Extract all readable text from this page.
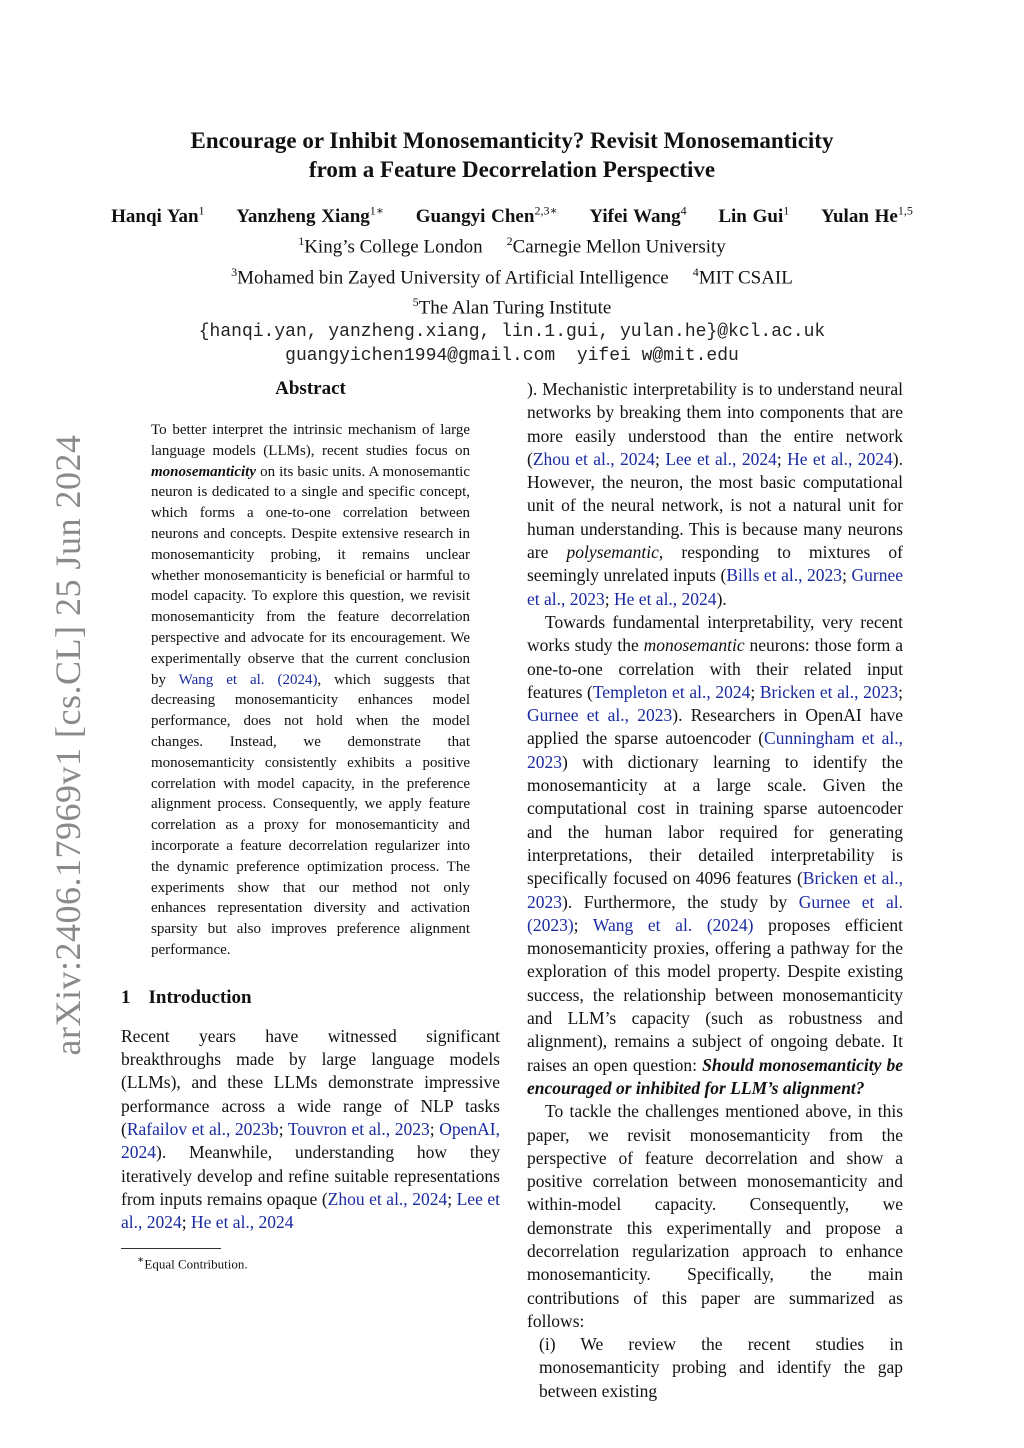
arXiv:2406.17969v1 [cs.CL] 25 Jun 2024
Encourage or Inhibit Monosemanticity? Revisit Monosemanticity
from a Feature Decorrelation Perspective
Hanqi Yan$^1$ Yanzheng Xiang$^{1∗}$ Guangyi Chen$^{2,3∗}$ Yifei Wang$^4$ Lin Gui$^1$ Yulan He$^{1,5}$
$^1$King’s College London $^2$Carnegie Mellon University
$^3$Mohamed bin Zayed University of Artificial Intelligence $^4$MIT CSAIL
$^5$The Alan Turing Institute
{hanqi.yan, yanzheng.xiang, lin.1.gui, yulan.he}@kcl.ac.uk
guangyichen1994@gmail.com yifei w@mit.edu
Abstract
To better interpret the intrinsic mechanism of large language models (LLMs), recent studies focus on monosemanticity on its basic units. A monosemantic neuron is dedicated to a single and specific concept, which forms a one-to-one correlation between neurons and concepts. Despite extensive research in monosemanticity probing, it remains unclear whether monosemanticity is beneficial or harmful to model capacity. To explore this question, we revisit monosemanticity from the feature decorrelation perspective and advocate for its encouragement. We experimentally observe that the current conclusion by Wang et al. (2024), which suggests that decreasing monosemanticity enhances model performance, does not hold when the model changes. Instead, we demonstrate that monosemanticity consistently exhibits a positive correlation with model capacity, in the preference alignment process. Consequently, we apply feature correlation as a proxy for monosemanticity and incorporate a feature decorrelation regularizer into the dynamic preference optimization process. The experiments show that our method not only enhances representation diversity and activation sparsity but also improves preference alignment performance.
1 Introduction

Recent years have witnessed significant breakthroughs made by large language models (LLMs), and these LLMs demonstrate impressive performance across a wide range of NLP tasks (Rafailov et al., 2023b; Touvron et al., 2023; OpenAI, 2024). Meanwhile, understanding how they iteratively develop and refine suitable representations from inputs remains opaque (Zhou et al., 2024; Lee et al., 2024; He et al., 2024

∗Equal Contribution.

). Mechanistic interpretability is to understand neural networks by breaking them into components that are more easily understood than the entire network (Zhou et al., 2024; Lee et al., 2024; He et al., 2024). However, the neuron, the most basic computational unit of the neural network, is not a natural unit for human understanding. This is because many neurons are polysemantic, responding to mixtures of seemingly unrelated inputs (Bills et al., 2023; Gurnee et al., 2023; He et al., 2024).

Towards fundamental interpretability, very recent works study the monosemantic neurons: those form a one-to-one correlation with their related input features (Templeton et al., 2024; Bricken et al., 2023; Gurnee et al., 2023). Researchers in OpenAI have applied the sparse autoencoder (Cunningham et al., 2023) with dictionary learning to identify the monosemanticity at a large scale. Given the computational cost in training sparse autoencoder and the human labor required for generating interpretations, their detailed interpretability is specifically focused on 4096 features (Bricken et al., 2023). Furthermore, the study by Gurnee et al. (2023); Wang et al. (2024) proposes efficient monosemanticity proxies, offering a pathway for the exploration of this model property. Despite existing success, the relationship between monosemanticity and LLM’s capacity (such as robustness and alignment), remains a subject of ongoing debate. It raises an open question: Should monosemanticity be encouraged or inhibited for LLM’s alignment?

To tackle the challenges mentioned above, in this paper, we revisit monosemanticity from the perspective of feature decorrelation and show a positive correlation between monosemanticity and within-model capacity. Consequently, we demonstrate this experimentally and propose a decorrelation regularization approach to enhance monosemanticity. Specifically, the main contributions of this paper are summarized as follows:

(i) We review the recent studies in monosemanticity probing and identify the gap between existing
